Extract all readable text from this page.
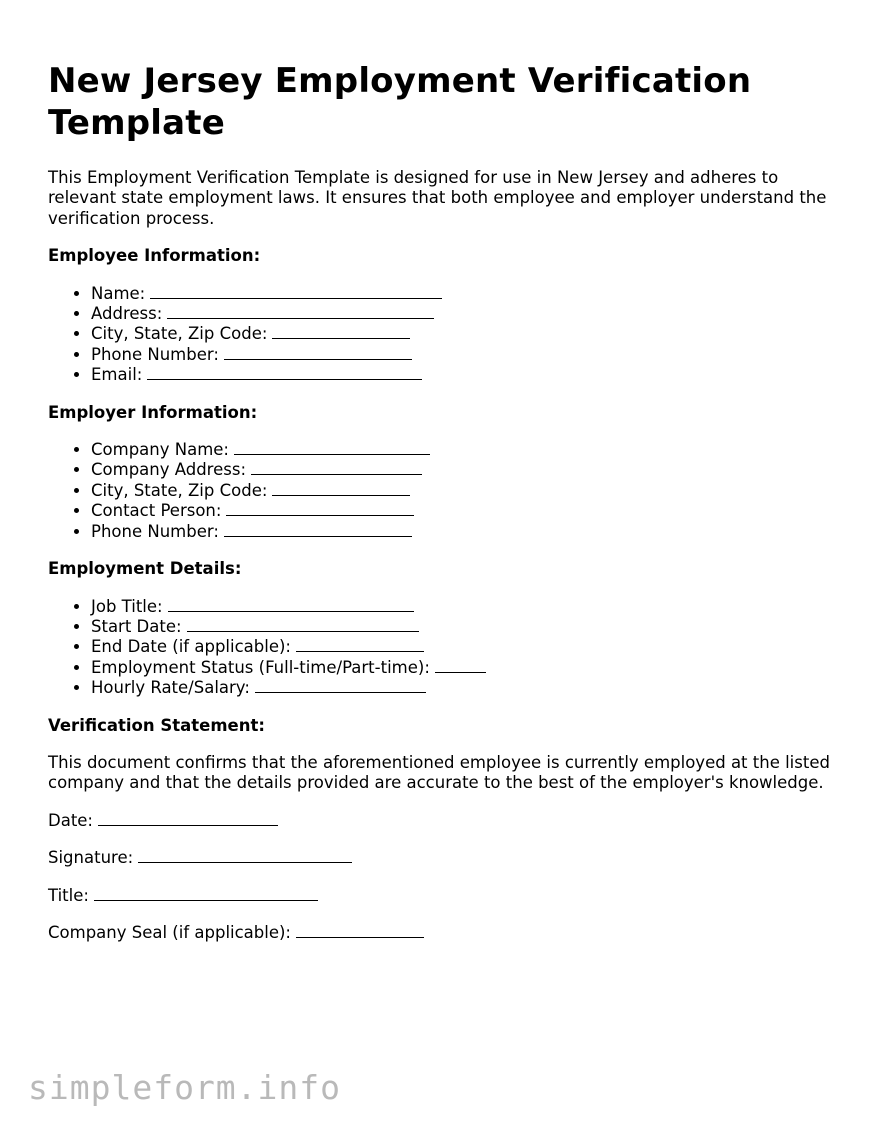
New Jersey Employment Verification Template

This Employment Verification Template is designed for use in New Jersey and adheres to relevant state employment laws. It ensures that both employee and employer understand the verification process.

Employee Information:
• Name:
• Address:
• City, State, Zip Code:
• Phone Number:
• Email:
Employer Information:
• Company Name:
• Company Address:
• City, State, Zip Code:
• Contact Person:
• Phone Number:
Employment Details:
• Job Title:
• Start Date:
• End Date (if applicable):
• Employment Status (Full-time/Part-time):
• Hourly Rate/Salary:
Verification Statement:

This document confirms that the aforementioned employee is currently employed at the listed company and that the details provided are accurate to the best of the employer's knowledge.

Date:

Signature:

Title:

Company Seal (if applicable):

simpleform.info
